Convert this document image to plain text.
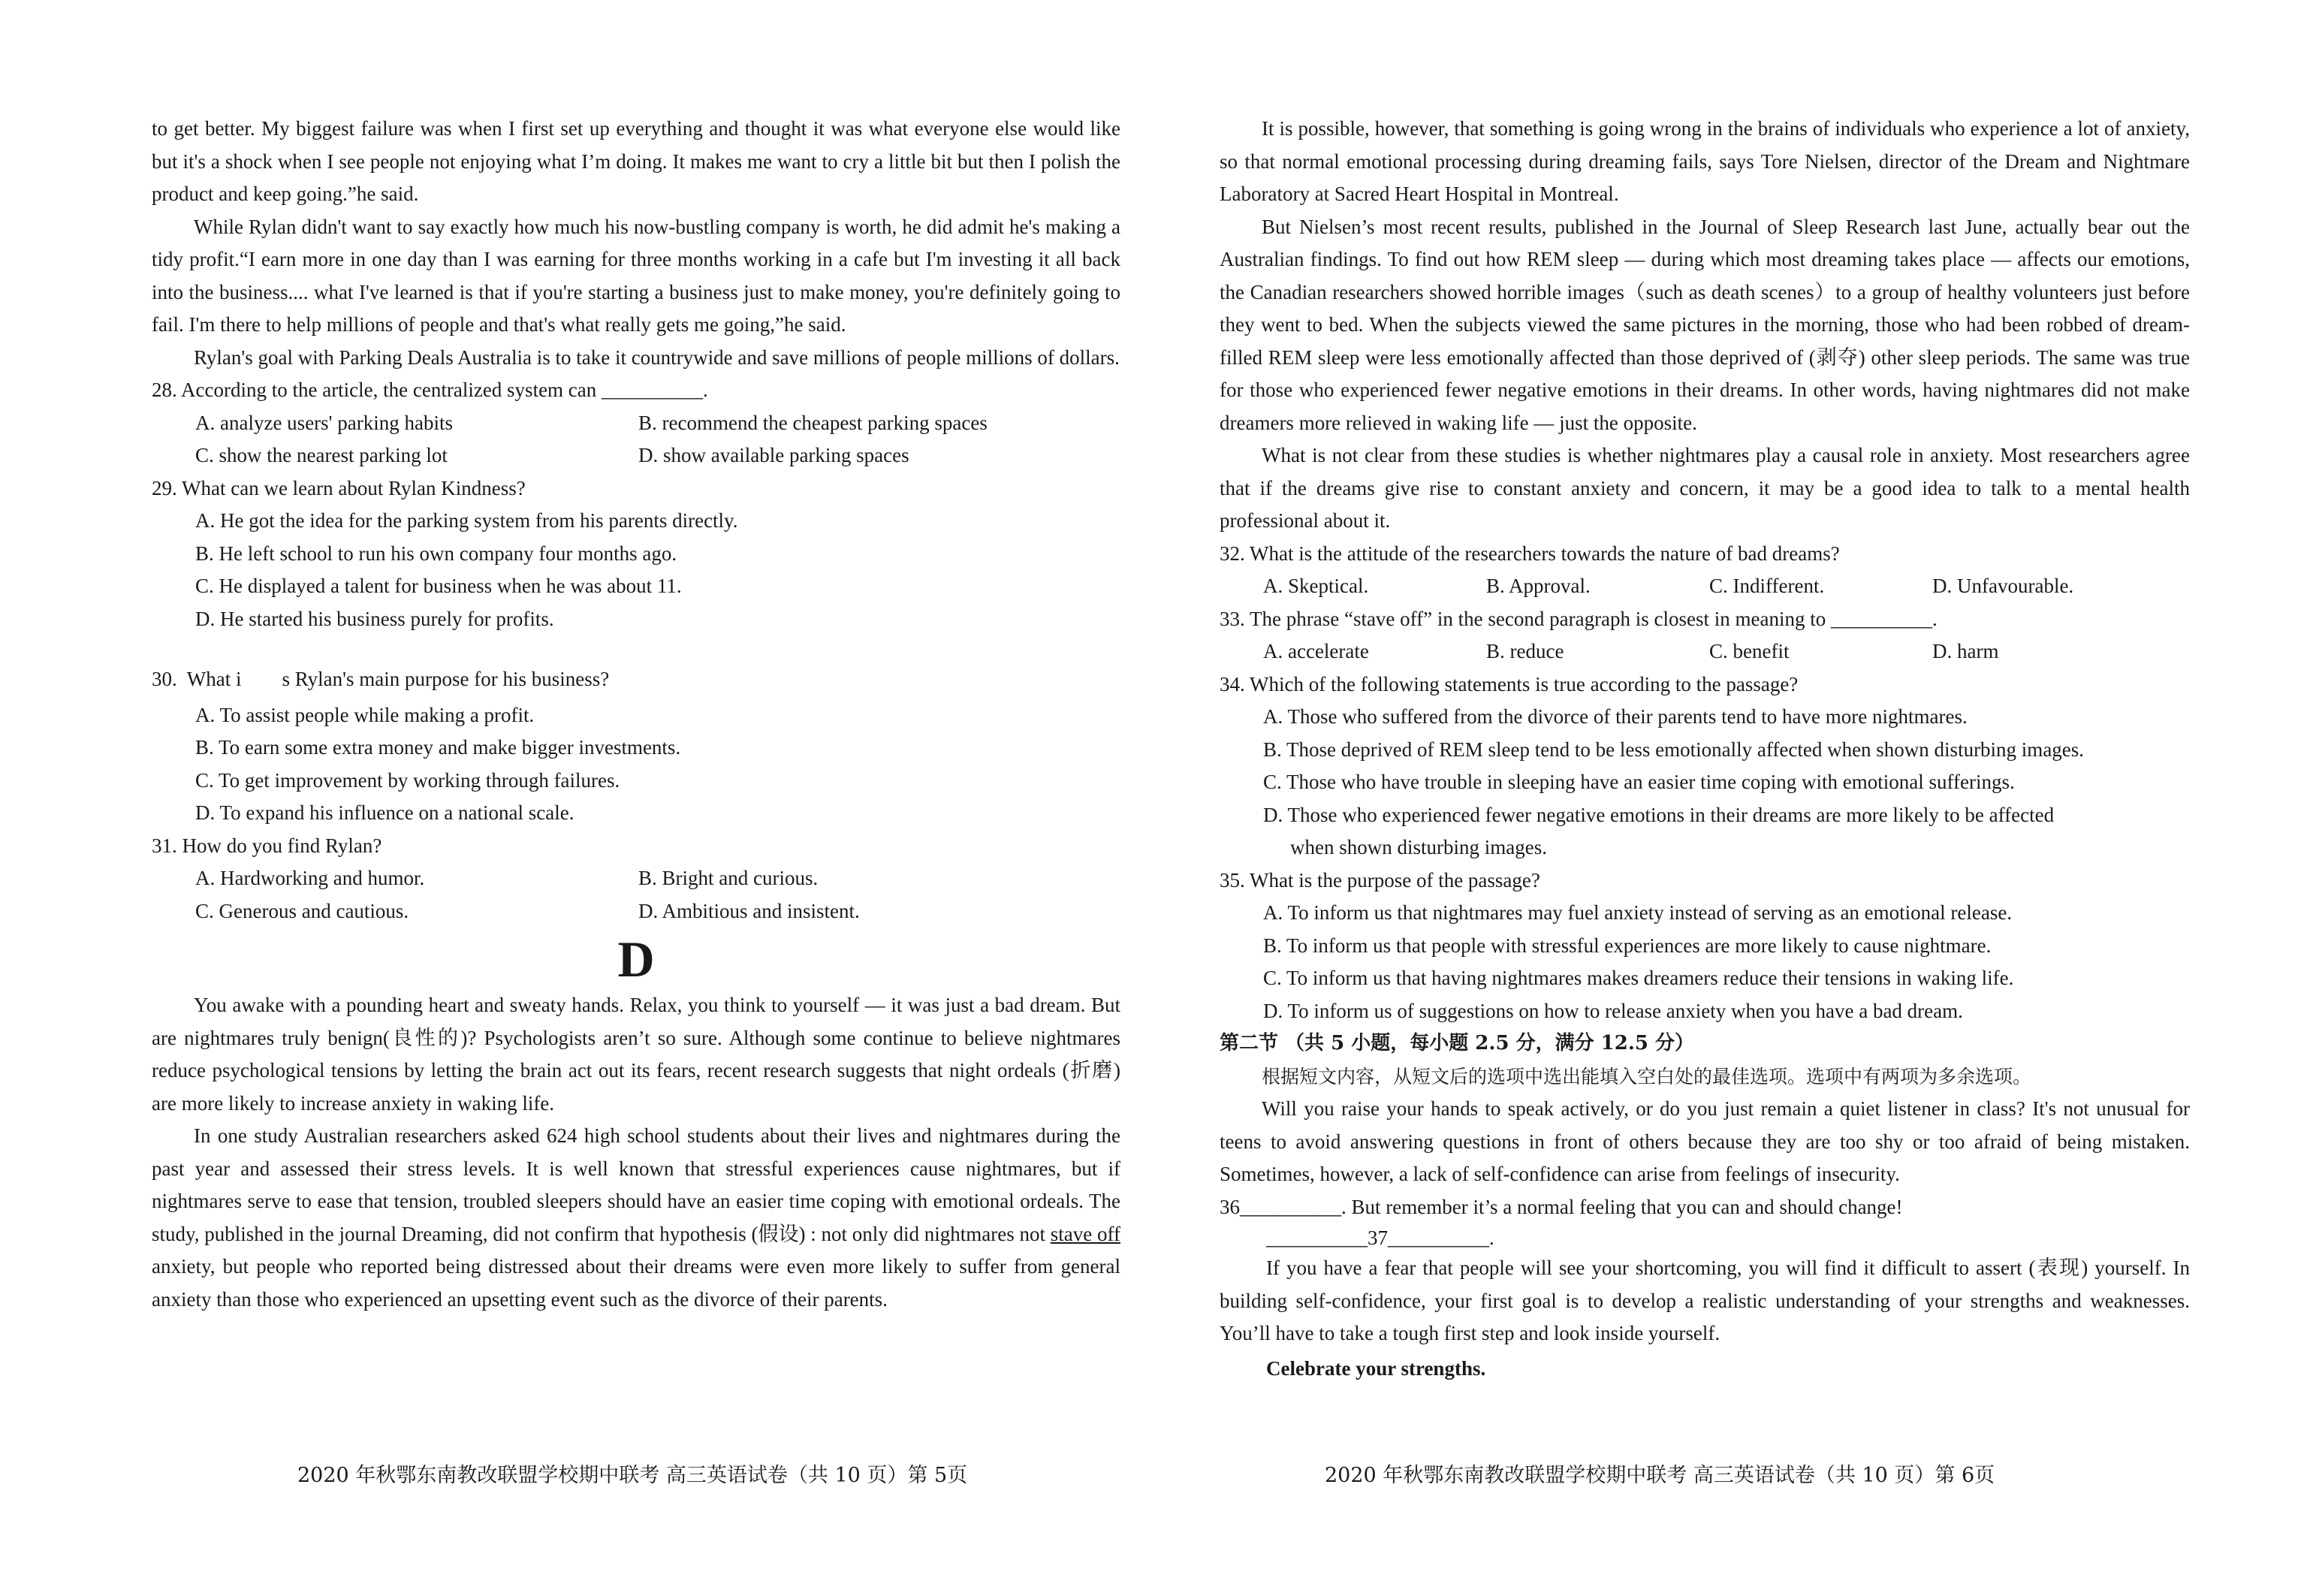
to get better. My biggest failure was when I first set up everything and thought it was what everyone else would like but it's a shock when I see people not enjoying what I’m doing. It makes me want to cry a little bit but then I polish the product and keep going.”he said.

While Rylan didn't want to say exactly how much his now-bustling company is worth, he did admit he's making a tidy profit.“I earn more in one day than I was earning for three months working in a cafe but I'm investing it all back into the business.... what I've learned is that if you're starting a business just to make money, you're definitely going to fail. I'm there to help millions of people and that's what really gets me going,”he said.

Rylan's goal with Parking Deals Australia is to take it countrywide and save millions of people millions of dollars.

28. According to the article, the centralized system can __________.

A. analyze users' parking habits	B. recommend the cheapest parking spaces
C. show the nearest parking lot	D. show available parking spaces

29. What can we learn about Rylan Kindness?

A. He got the idea for the parking system from his parents directly.

B. He left school to run his own company four months ago.

C. He displayed a talent for business when he was about 11.

D. He started his business purely for profits.

30.  What i        s Rylan's main purpose for his business?

A. To assist people while making a profit.

B. To earn some extra money and make bigger investments.

C. To get improvement by working through failures.

D. To expand his influence on a national scale.

31. How do you find Rylan?

A. Hardworking and humor.	B. Bright and curious.
C. Generous and cautious.	D. Ambitious and insistent.

D

You awake with a pounding heart and sweaty hands. Relax, you think to yourself — it was just a bad dream. But are nightmares truly benign(良性的)? Psychologists aren’t so sure. Although some continue to believe nightmares reduce psychological tensions by letting the brain act out its fears, recent research suggests that night ordeals (折磨) are more likely to increase anxiety in waking life.

In one study Australian researchers asked 624 high school students about their lives and nightmares during the past year and assessed their stress levels. It is well known that stressful experiences cause nightmares, but if nightmares serve to ease that tension, troubled sleepers should have an easier time coping with emotional ordeals. The study, published in the journal Dreaming, did not confirm that hypothesis (假设) : not only did nightmares not stave off anxiety, but people who reported being distressed about their dreams were even more likely to suffer from general anxiety than those who experienced an upsetting event such as the divorce of their parents.

It is possible, however, that something is going wrong in the brains of individuals who experience a lot of anxiety, so that normal emotional processing during dreaming fails, says Tore Nielsen, director of the Dream and Nightmare Laboratory at Sacred Heart Hospital in Montreal.

But Nielsen’s most recent results, published in the Journal of Sleep Research last June, actually bear out the Australian findings. To find out how REM sleep — during which most dreaming takes place — affects our emotions, the Canadian researchers showed horrible images（such as death scenes）to a group of healthy volunteers just before they went to bed. When the subjects viewed the same pictures in the morning, those who had been robbed of dream-filled REM sleep were less emotionally affected than those deprived of (剥夺) other sleep periods. The same was true for those who experienced fewer negative emotions in their dreams. In other words, having nightmares did not make dreamers more relieved in waking life — just the opposite.

What is not clear from these studies is whether nightmares play a causal role in anxiety. Most researchers agree that if the dreams give rise to constant anxiety and concern, it may be a good idea to talk to a mental health professional about it.

32. What is the attitude of the researchers towards the nature of bad dreams?

A. Skeptical.	B. Approval.	C. Indifferent.	D. Unfavourable.

33. The phrase “stave off” in the second paragraph is closest in meaning to __________.

A. accelerate	B. reduce	C. benefit	D. harm

34. Which of the following statements is true according to the passage?

A. Those who suffered from the divorce of their parents tend to have more nightmares.

B. Those deprived of REM sleep tend to be less emotionally affected when shown disturbing images.

C. Those who have trouble in sleeping have an easier time coping with emotional sufferings.

D. Those who experienced fewer negative emotions in their dreams are more likely to be affected

when shown disturbing images.

35. What is the purpose of the passage?

A. To inform us that nightmares may fuel anxiety instead of serving as an emotional release.

B. To inform us that people with stressful experiences are more likely to cause nightmare.

C. To inform us that having nightmares makes dreamers reduce their tensions in waking life.

D. To inform us of suggestions on how to release anxiety when you have a bad dream.

第二节 （共 5 小题，每小题 2.5 分，满分 12.5 分）

根据短文内容，从短文后的选项中选出能填入空白处的最佳选项。选项中有两项为多余选项。

Will you raise your hands to speak actively, or do you just remain a quiet listener in class? It's not unusual for teens to avoid answering questions in front of others because they are too shy or too afraid of being mistaken. Sometimes, however, a lack of self-confidence can arise from feelings of insecurity.

36__________. But remember it’s a normal feeling that you can and should change!

__________37__________.

If you have a fear that people will see your shortcoming, you will find it difficult to assert (表现) yourself. In building self-confidence, your first goal is to develop a realistic understanding of your strengths and weaknesses. You’ll have to take a tough first step and look inside yourself.

Celebrate your strengths.

2020 年秋鄂东南教改联盟学校期中联考 高三英语试卷（共 10 页）第 5页	2020 年秋鄂东南教改联盟学校期中联考 高三英语试卷（共 10 页）第 6页
